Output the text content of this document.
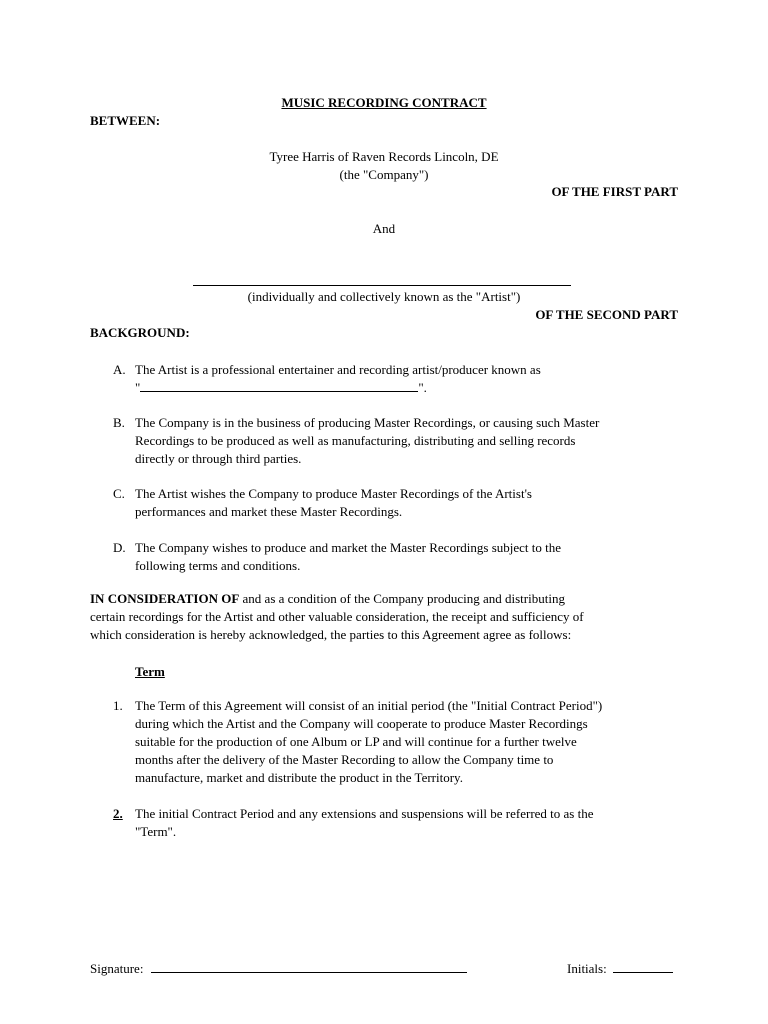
MUSIC RECORDING CONTRACT
BETWEEN:
Tyree Harris of Raven Records Lincoln, DE
(the "Company")
OF THE FIRST PART
And
(individually and collectively known as the "Artist")
OF THE SECOND PART
BACKGROUND:
A. The Artist is a professional entertainer and recording artist/producer known as
"	".
B. The Company is in the business of producing Master Recordings, or causing such Master
Recordings to be produced as well as manufacturing, distributing and selling records
directly or through third parties.
C. The Artist wishes the Company to produce Master Recordings of the Artist's
performances and market these Master Recordings.
D. The Company wishes to produce and market the Master Recordings subject to the
following terms and conditions.
IN CONSIDERATION OF and as a condition of the Company producing and distributing
certain recordings for the Artist and other valuable consideration, the receipt and sufficiency of
which consideration is hereby acknowledged, the parties to this Agreement agree as follows:
Term
1. The Term of this Agreement will consist of an initial period (the "Initial Contract Period")
during which the Artist and the Company will cooperate to produce Master Recordings
suitable for the production of one Album or LP and will continue for a further twelve
months after the delivery of the Master Recording to allow the Company time to
manufacture, market and distribute the product in the Territory.
2. The initial Contract Period and any extensions and suspensions will be referred to as the
"Term".
Signature:	Initials:
